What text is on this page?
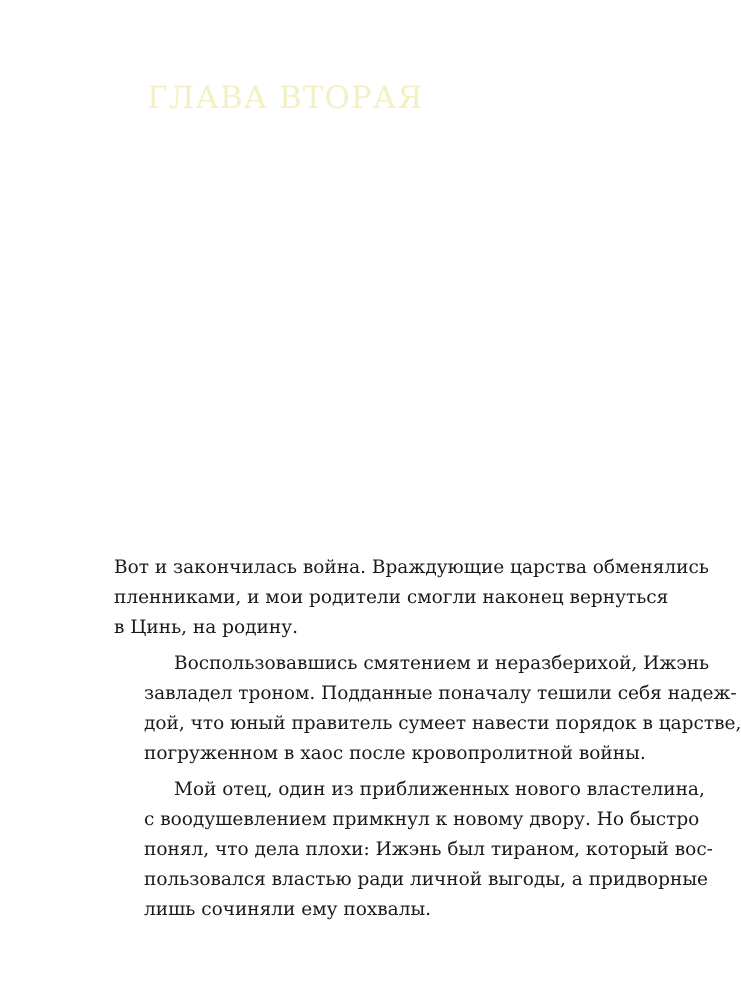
ГЛАВА ВТОРАЯ

Вот и закончилась война. Враждующие царства обменялись
пленниками, и мои родители смогли наконец вернуться
в Цинь, на родину.

Воспользовавшись смятением и неразберихой, Ижэнь
завладел троном. Подданные поначалу тешили себя надеж-
дой, что юный правитель сумеет навести порядок в царстве,
погруженном в хаос после кровопролитной войны.

Мой отец, один из приближенных нового властелина,
с воодушевлением примкнул к новому двору. Но быстро
понял, что дела плохи: Ижэнь был тираном, который вос-
пользовался властью ради личной выгоды, а придворные
лишь сочиняли ему похвалы.
